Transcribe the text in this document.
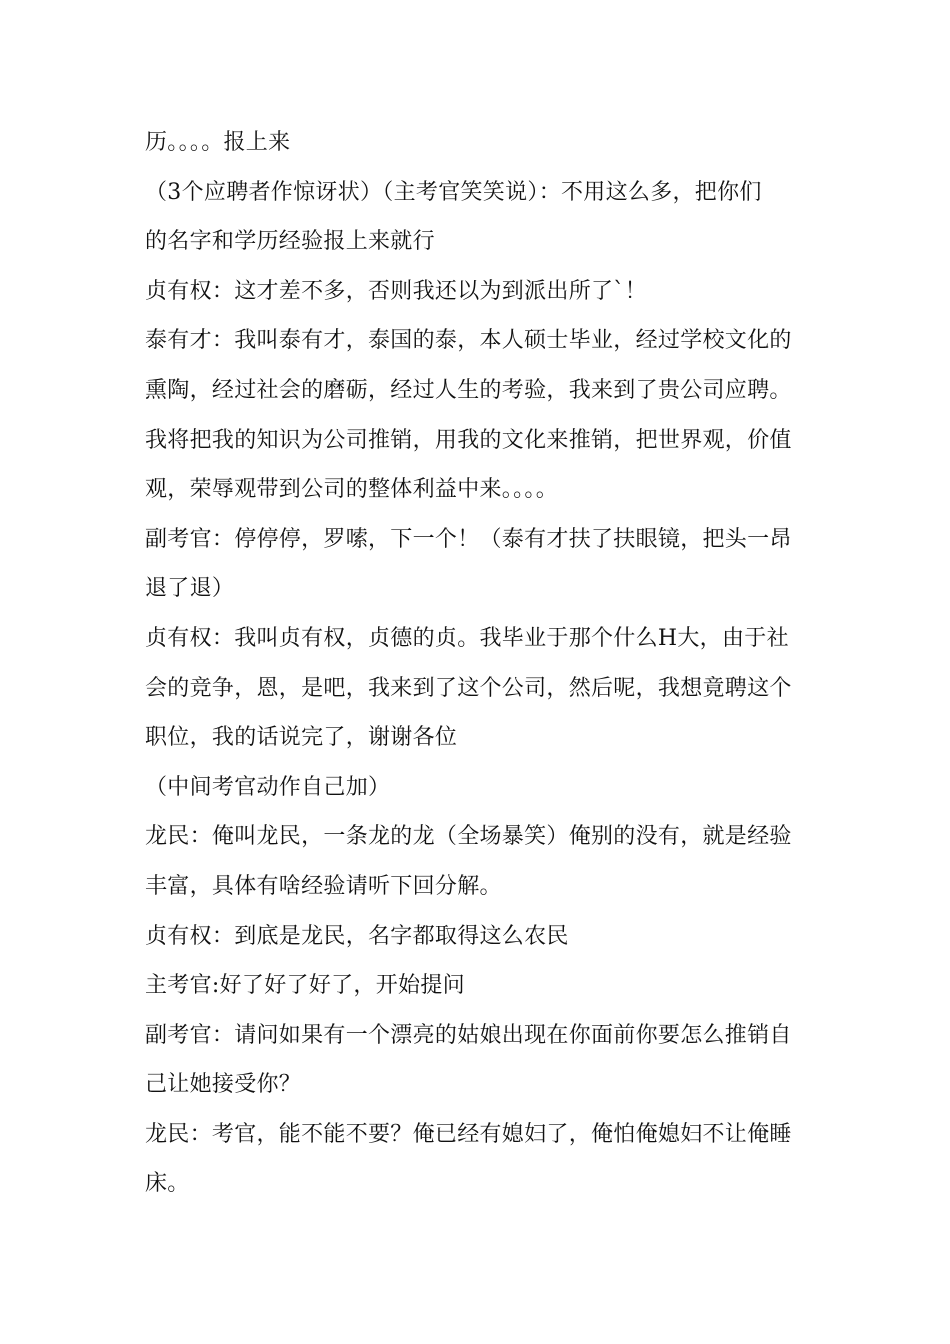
历。。。。报上来
（3个应聘者作惊讶状）（主考官笑笑说）：不用这么多，把你们
的名字和学历经验报上来就行
贞有权：这才差不多，否则我还以为到派出所了`！
泰有才：我叫泰有才，泰国的泰，本人硕士毕业，经过学校文化的
熏陶，经过社会的磨砺，经过人生的考验，我来到了贵公司应聘。
我将把我的知识为公司推销，用我的文化来推销，把世界观，价值
观，荣辱观带到公司的整体利益中来。。。。
副考官：停停停，罗嗦，下一个！（泰有才扶了扶眼镜，把头一昂
退了退）
贞有权：我叫贞有权，贞德的贞。我毕业于那个什么H大，由于社
会的竞争，恩，是吧，我来到了这个公司，然后呢，我想竟聘这个
职位，我的话说完了，谢谢各位
（中间考官动作自己加）
龙民：俺叫龙民，一条龙的龙（全场暴笑）俺别的没有，就是经验
丰富，具体有啥经验请听下回分解。
贞有权：到底是龙民，名字都取得这么农民
主考官:好了好了好了，开始提问
副考官：请问如果有一个漂亮的姑娘出现在你面前你要怎么推销自
己让她接受你？
龙民：考官，能不能不要？俺已经有媳妇了，俺怕俺媳妇不让俺睡
床。
